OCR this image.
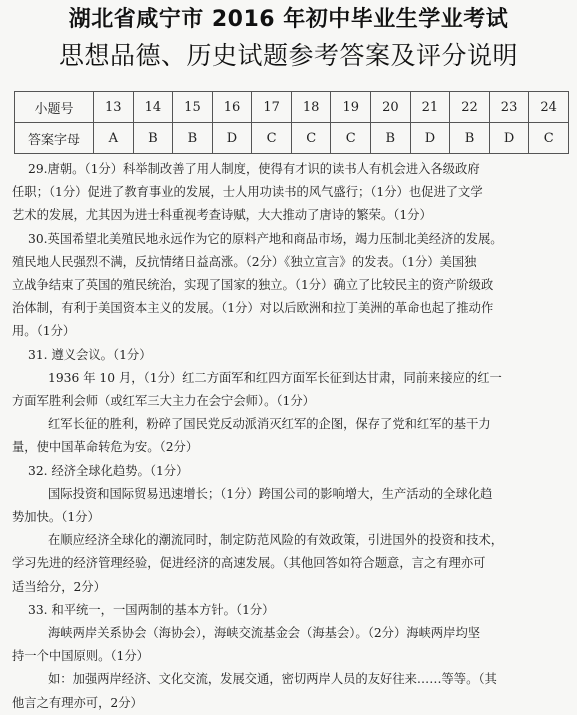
湖北省咸宁市 2016 年初中毕业生学业考试
思想品德、历史试题参考答案及评分说明
小题号	13	14	15	16	17	18	19	20	21	22	23	24
答案字母	A	B	B	D	C	C	C	B	D	B	D	C
29.唐朝。（1分）科举制改善了用人制度，使得有才识的读书人有机会进入各级政府
任职；（1分）促进了教育事业的发展，士人用功读书的风气盛行；（1分）也促进了文学
艺术的发展，尤其因为进士科重视考查诗赋，大大推动了唐诗的繁荣。（1分）
30.英国希望北美殖民地永远作为它的原料产地和商品市场，竭力压制北美经济的发展。
殖民地人民强烈不满，反抗情绪日益高涨。（2分）《独立宣言》的发表。（1分）美国独
立战争结束了英国的殖民统治，实现了国家的独立。（1分）确立了比较民主的资产阶级政
治体制，有利于美国资本主义的发展。（1分）对以后欧洲和拉丁美洲的革命也起了推动作
用。（1分）
31. 遵义会议。（1分）
1936 年 10 月，（1分）红二方面军和红四方面军长征到达甘肃，同前来接应的红一
方面军胜利会师（或红军三大主力在会宁会师）。（1分）
红军长征的胜利，粉碎了国民党反动派消灭红军的企图，保存了党和红军的基干力
量，使中国革命转危为安。（2分）
32. 经济全球化趋势。（1分）
国际投资和国际贸易迅速增长；（1分）跨国公司的影响增大，生产活动的全球化趋
势加快。（1分）
在顺应经济全球化的潮流同时，制定防范风险的有效政策，引进国外的投资和技术，
学习先进的经济管理经验，促进经济的高速发展。（其他回答如符合题意，言之有理亦可
适当给分，2分）
33. 和平统一，一国两制的基本方针。（1分）
海峡两岸关系协会（海协会），海峡交流基金会（海基会）。（2分）海峡两岸均坚
持一个中国原则。（1分）
如：加强两岸经济、文化交流，发展交通，密切两岸人员的友好往来……等等。（其
他言之有理亦可，2分）
